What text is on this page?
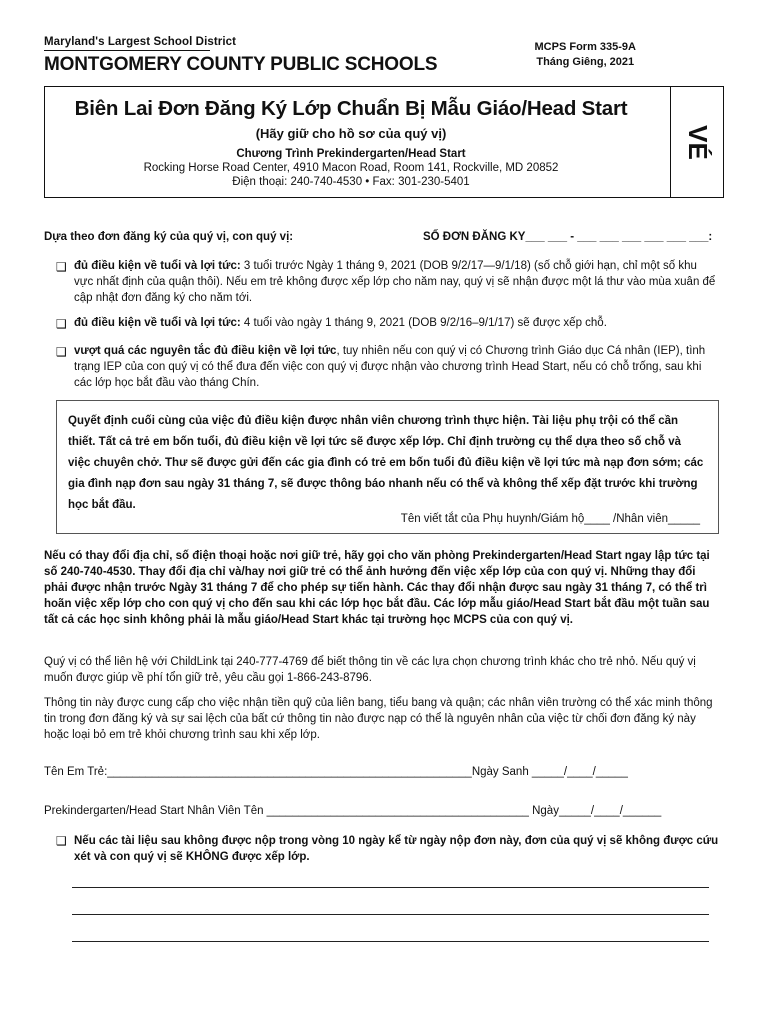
Maryland's Largest School District
MONTGOMERY COUNTY PUBLIC SCHOOLS
MCPS Form 335-9A
Tháng Giêng, 2021
Biên Lai Đơn Đăng Ký Lớp Chuẩn Bị Mẫu Giáo/Head Start
(Hãy giữ cho hồ sơ của quý vị)
Chương Trình Prekindergarten/Head Start
Rocking Horse Road Center, 4910 Macon Road, Room 141, Rockville, MD 20852
Điện thoại: 240-740-4530 • Fax: 301-230-5401
VÉ
Dựa theo đơn đăng ký của quý vị, con quý vị:	SỐ ĐƠN ĐĂNG KY___ ___ - ___ ___ ___ ___ ___ ___:
❑ đủ điều kiện về tuổi và lợi tức: 3 tuổi trước Ngày 1 tháng 9, 2021 (DOB 9/2/17—9/1/18) (số chỗ giới hạn, chỉ một số khu vực nhất định của quận thôi). Nếu em trẻ không được xếp lớp cho năm nay, quý vị sẽ nhận được một lá thư vào mùa xuân để cập nhật đơn đăng ký cho năm tới.
❑ đủ điều kiện về tuổi và lợi tức: 4 tuổi vào ngày 1 tháng 9, 2021 (DOB 9/2/16–9/1/17) sẽ được xếp chỗ.
❑ vượt quá các nguyên tắc đủ điều kiện về lợi tức, tuy nhiên nếu con quý vị có Chương trình Giáo dục Cá nhân (IEP), tình trạng IEP của con quý vị có thể đưa đến việc con quý vị được nhận vào chương trình Head Start, nếu có chỗ trống, sau khi các lớp học bắt đầu vào tháng Chín.
Quyết định cuối cùng của việc đủ điều kiện được nhân viên chương trình thực hiện. Tài liệu phụ trội có thể cần thiết. Tất cả trẻ em bốn tuổi, đủ điều kiện về lợi tức sẽ được xếp lớp. Chỉ định trường cụ thể dựa theo số chỗ và việc chuyên chở. Thư sẽ được gửi đến các gia đình có trẻ em bốn tuổi đủ điều kiện về lợi tức mà nạp đơn sớm; các gia đình nạp đơn sau ngày 31 tháng 7, sẽ được thông báo nhanh nếu có thể và không thể xếp đặt trước khi trường học bắt đầu.
Tên viết tắt của Phụ huynh/Giám hộ____ /Nhân viên_____
Nếu có thay đổi địa chỉ, số điện thoại hoặc nơi giữ trẻ, hãy gọi cho văn phòng Prekindergarten/Head Start ngay lập tức tại số 240-740-4530. Thay đổi địa chỉ và/hay nơi giữ trẻ có thể ảnh hưởng đến việc xếp lớp của con quý vị. Những thay đổi phải được nhận trước Ngày 31 tháng 7 để cho phép sự tiến hành. Các thay đổi nhận được sau ngày 31 tháng 7, có thể trì hoãn việc xếp lớp cho con quý vị cho đến sau khi các lớp học bắt đầu. Các lớp mẫu giáo/Head Start bắt đầu một tuần sau tất cả các học sinh không phải là mẫu giáo/Head Start khác tại trường học MCPS của con quý vị.
Quý vị có thể liên hệ với ChildLink tại 240-777-4769 để biết thông tin về các lựa chọn chương trình khác cho trẻ nhỏ. Nếu quý vị muốn được giúp về phí tổn giữ trẻ, yêu cầu gọi 1-866-243-8796.
Thông tin này được cung cấp cho việc nhận tiền quỹ của liên bang, tiểu bang và quận; các nhân viên trường có thể xác minh thông tin trong đơn đăng ký và sự sai lệch của bất cứ thông tin nào được nạp có thể là nguyên nhân của việc từ chối đơn đăng ký này hoặc loại bỏ em trẻ khỏi chương trình sau khi xếp lớp.
Tên Em Trẻ:_________________________________________________________Ngày Sanh _____/____/_____
Prekindergarten/Head Start Nhân Viên Tên _________________________________________ Ngày_____/____/______
❑ Nếu các tài liệu sau không được nộp trong vòng 10 ngày kể từ ngày nộp đơn này, đơn của quý vị sẽ không được cứu xét và con quý vị sẽ KHÔNG được xếp lớp.
